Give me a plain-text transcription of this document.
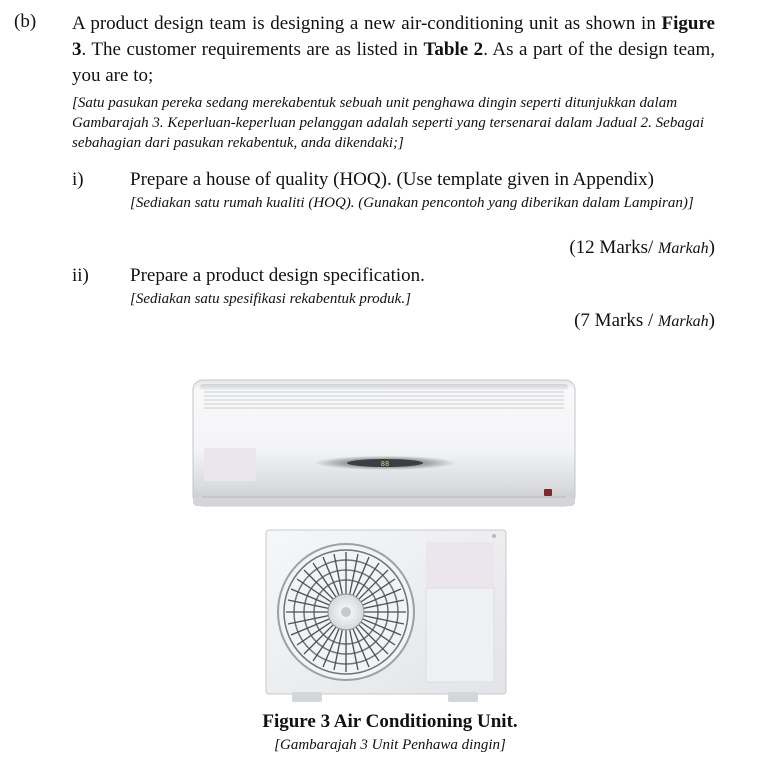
(b) A product design team is designing a new air-conditioning unit as shown in Figure 3. The customer requirements are as listed in Table 2. As a part of the design team, you are to;
[Satu pasukan pereka sedang merekabentuk sebuah unit penghawa dingin seperti ditunjukkan dalam Gambarajah 3. Keperluan-keperluan pelanggan adalah seperti yang tersenarai dalam Jadual 2. Sebagai sebahagian dari pasukan rekabentuk, anda dikendaki;]
i) Prepare a house of quality (HOQ). (Use template given in Appendix)
[Sediakan satu rumah kualiti (HOQ). (Gunakan pencontoh yang diberikan dalam Lampiran)]
(12 Marks/ Markah)
ii) Prepare a product design specification.
[Sediakan satu spesifikasi rekabentuk produk.]
(7 Marks / Markah)
88
Figure 3 Air Conditioning Unit.
[Gambarajah 3 Unit Penhawa dingin]
